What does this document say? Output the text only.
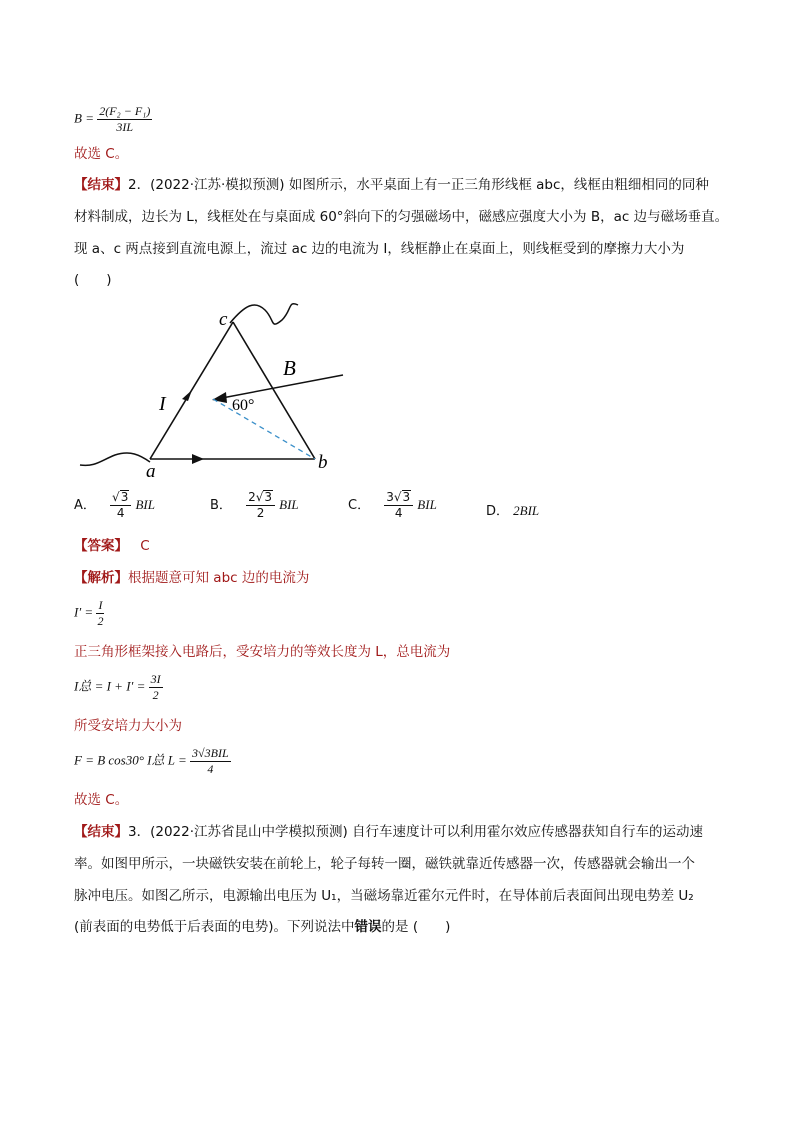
$B = \frac{\text{2(F₂ − F₁)}}{3IL}$
故选 C。
【结束】2．(2022·江苏·模拟预测) 如图所示，水平桌面上有一正三角形线框 abc，线框由粗细相同的同种
材料制成，边长为 L，线框处在与桌面成 60°斜向下的匀强磁场中，磁感应强度大小为 B，ac 边与磁场垂直。
现 a、c 两点接到直流电源上，流过 ac 边的电流为 I，线框静止在桌面上，则线框受到的摩擦力大小为
(　　)
c
a	b
I
B
60°
A． $\frac{√3}{4}$ BIL	B． $\frac{2√3}{2}$ BIL	C． $\frac{3√3}{4}$ BIL	D． 2BIL
【答案】 C
【解析】根据题意可知 abc 边的电流为
$I' = \frac{I}{2}$
正三角形框架接入电路后，受安培力的等效长度为 L，总电流为
I总 = $I + I' = \frac{3I}{2}$
所受安培力大小为
F = B cos30° I总 $L = \frac{\text{3√3BIL}}{4}$
故选 C。
【结束】3．(2022·江苏省昆山中学模拟预测) 自行车速度计可以利用霍尔效应传感器获知自行车的运动速
率。如图甲所示，一块磁铁安装在前轮上，轮子每转一圈，磁铁就靠近传感器一次，传感器就会输出一个
脉冲电压。如图乙所示，电源输出电压为 U₁，当磁场靠近霍尔元件时，在导体前后表面间出现电势差 U₂
(前表面的电势低于后表面的电势)。下列说法中错误的是 (　　)
